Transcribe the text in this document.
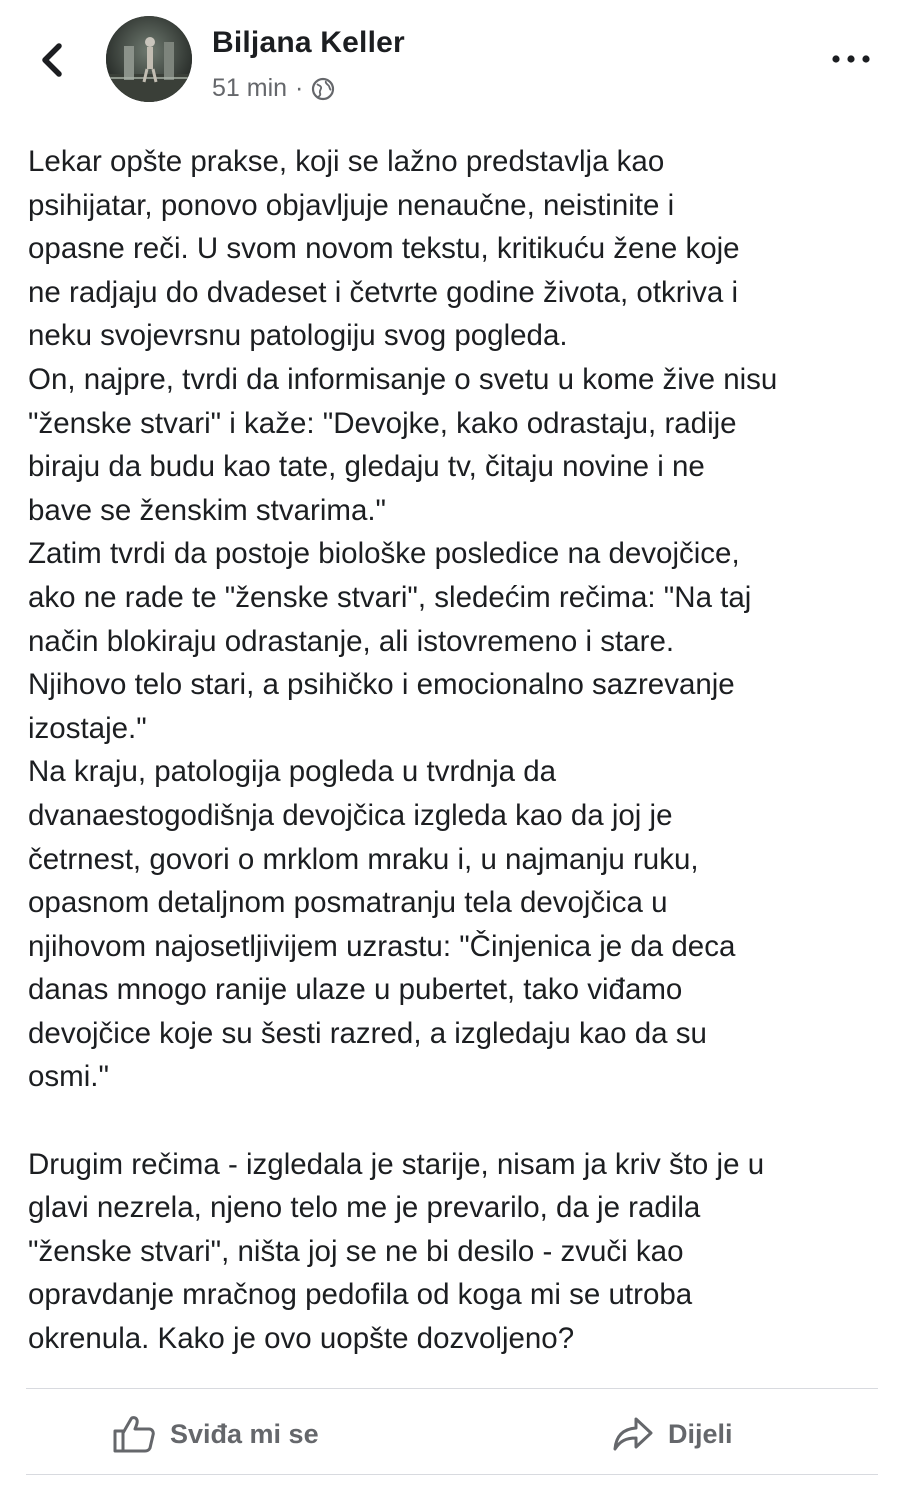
Biljana Keller
51 min ·

Lekar opšte prakse, koji se lažno predstavlja kao

psihijatar, ponovo objavljuje nenaučne, neistinite i

opasne reči. U svom novom tekstu, kritikuću žene koje

ne radjaju do dvadeset i četvrte godine života, otkriva i

neku svojevrsnu patologiju svog pogleda.

On, najpre, tvrdi da informisanje o svetu u kome žive nisu

"ženske stvari" i kaže: "Devojke, kako odrastaju, radije

biraju da budu kao tate, gledaju tv, čitaju novine i ne

bave se ženskim stvarima."

Zatim tvrdi da postoje biološke posledice na devojčice,

ako ne rade te "ženske stvari", sledećim rečima: "Na taj

način blokiraju odrastanje, ali istovremeno i stare.

Njihovo telo stari, a psihičko i emocionalno sazrevanje

izostaje."

Na kraju, patologija pogleda u tvrdnja da

dvanaestogodišnja devojčica izgleda kao da joj je

četrnest, govori o mrklom mraku i, u najmanju ruku,

opasnom detaljnom posmatranju tela devojčica u

njihovom najosetljivijem uzrastu: "Činjenica je da deca

danas mnogo ranije ulaze u pubertet, tako viđamo

devojčice koje su šesti razred, a izgledaju kao da su

osmi."

Drugim rečima - izgledala je starije, nisam ja kriv što je u

glavi nezrela, njeno telo me je prevarilo, da je radila

"ženske stvari", ništa joj se ne bi desilo - zvuči kao

opravdanje mračnog pedofila od koga mi se utroba

okrenula. Kako je ovo uopšte dozvoljeno?

Sviđa mi se	Dijeli
